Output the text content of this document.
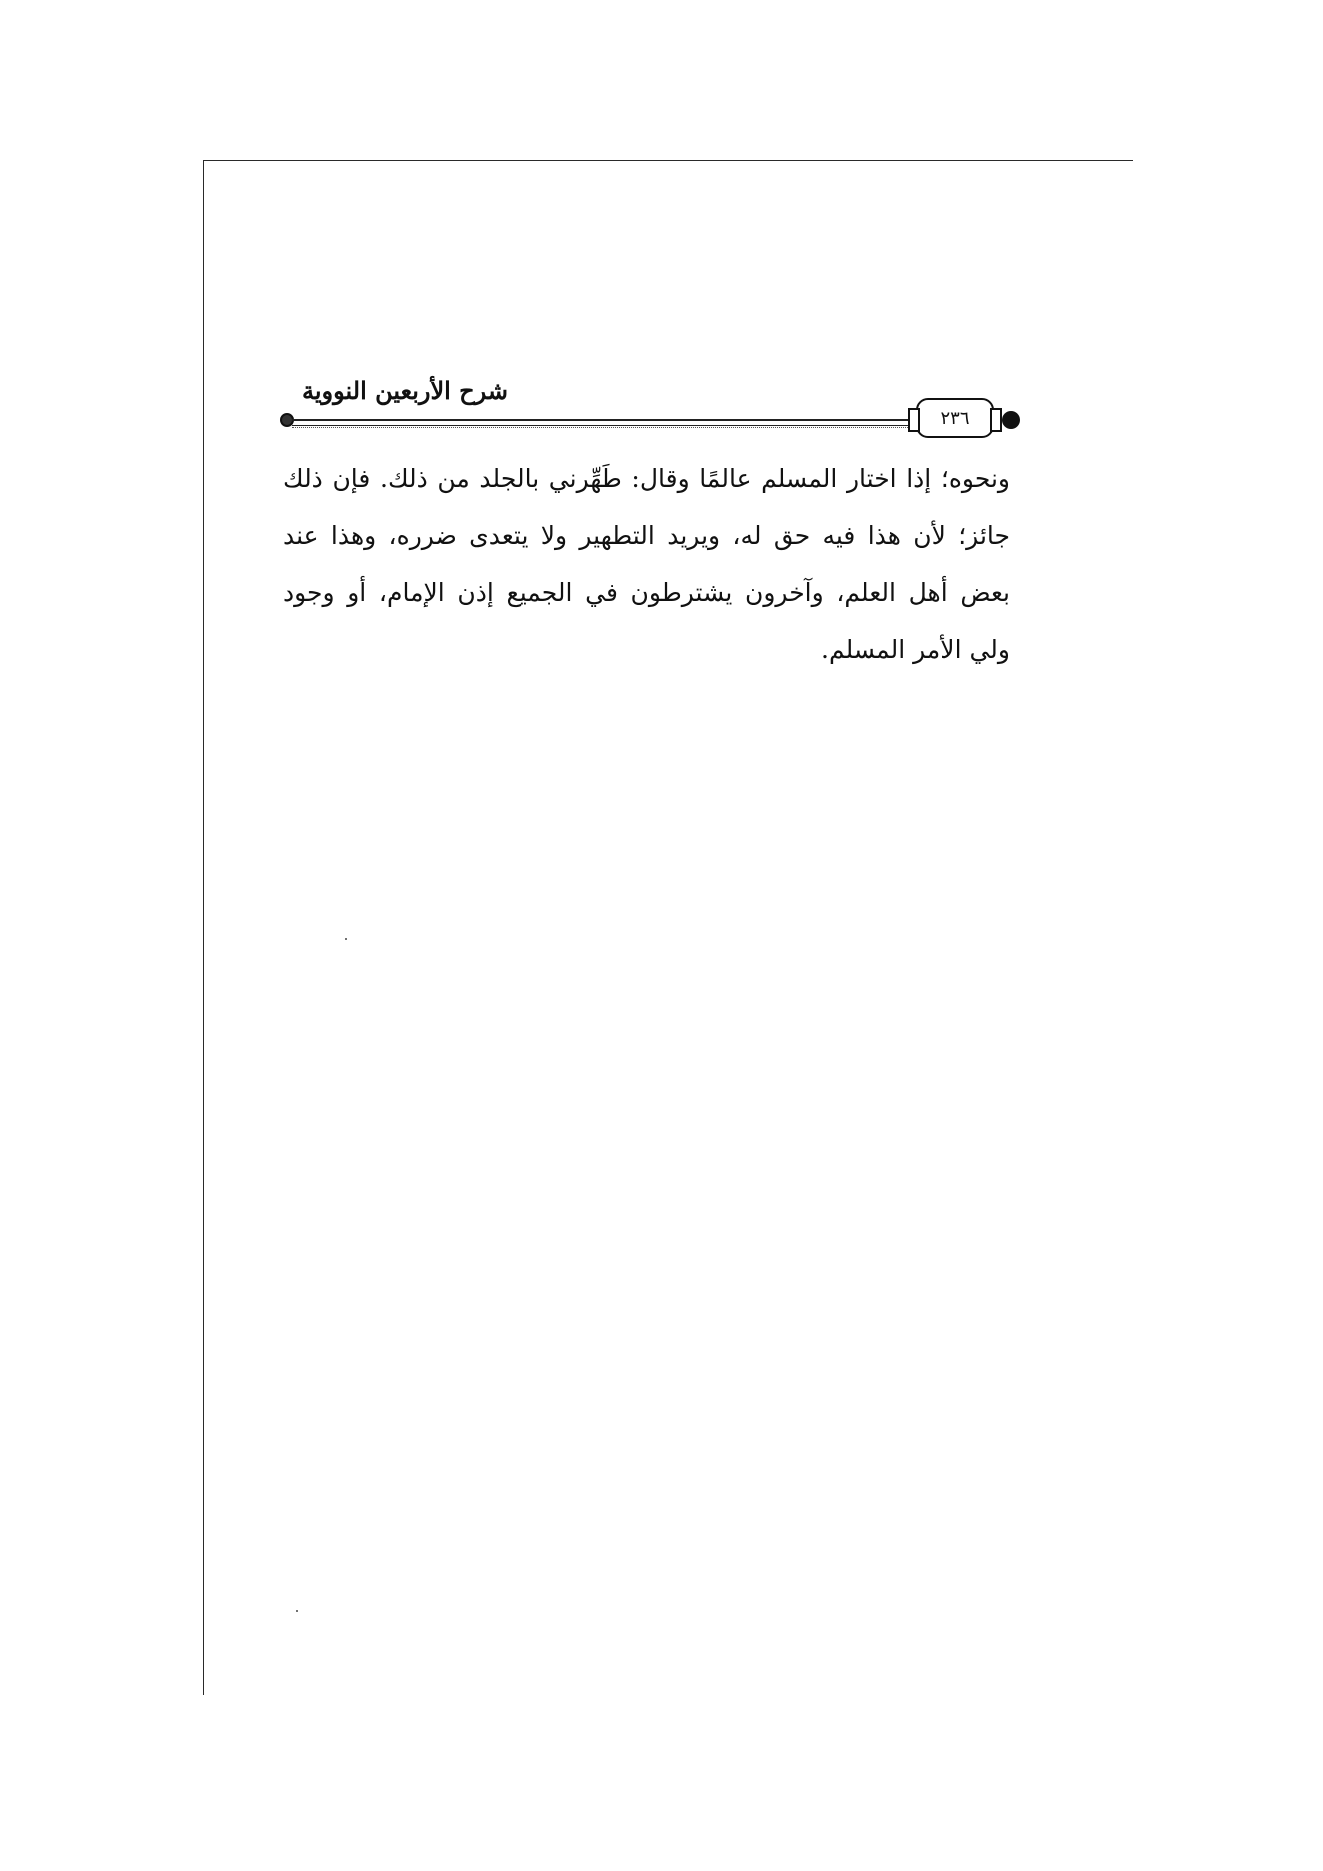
شرح الأربعين النووية
٢٣٦

ونحوه؛ إذا اختار المسلم عالمًا وقال: طَهِّرني بالجلد من ذلك. فإن ذلك جائز؛ لأن هذا فيه حق له، ويريد التطهير ولا يتعدى ضرره، وهذا عند بعض أهل العلم، وآخرون يشترطون في الجميع إذن الإمام، أو وجود ولي الأمر المسلم.
